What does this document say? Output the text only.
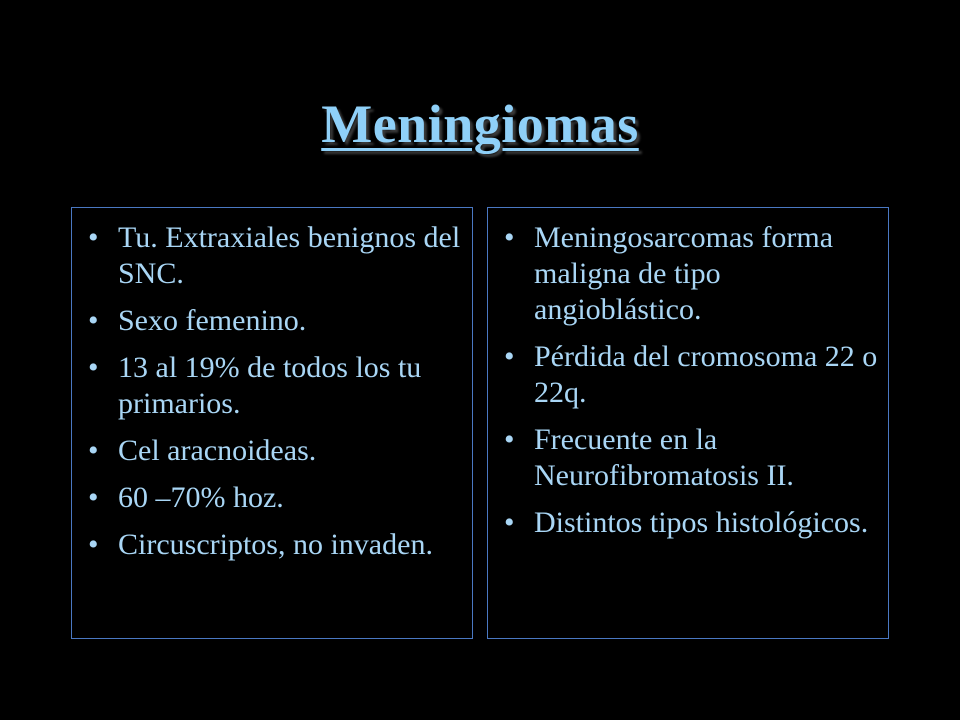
Meningiomas
• Tu. Extraxiales benignos del SNC.
• Sexo femenino.
• 13 al 19% de todos los tu primarios.
• Cel aracnoideas.
• 60 –70% hoz.
• Circuscriptos, no invaden.
• Meningosarcomas forma maligna de tipo angioblástico.
• Pérdida del cromosoma 22 o 22q.
• Frecuente en la Neurofibromatosis II.
• Distintos tipos histológicos.
